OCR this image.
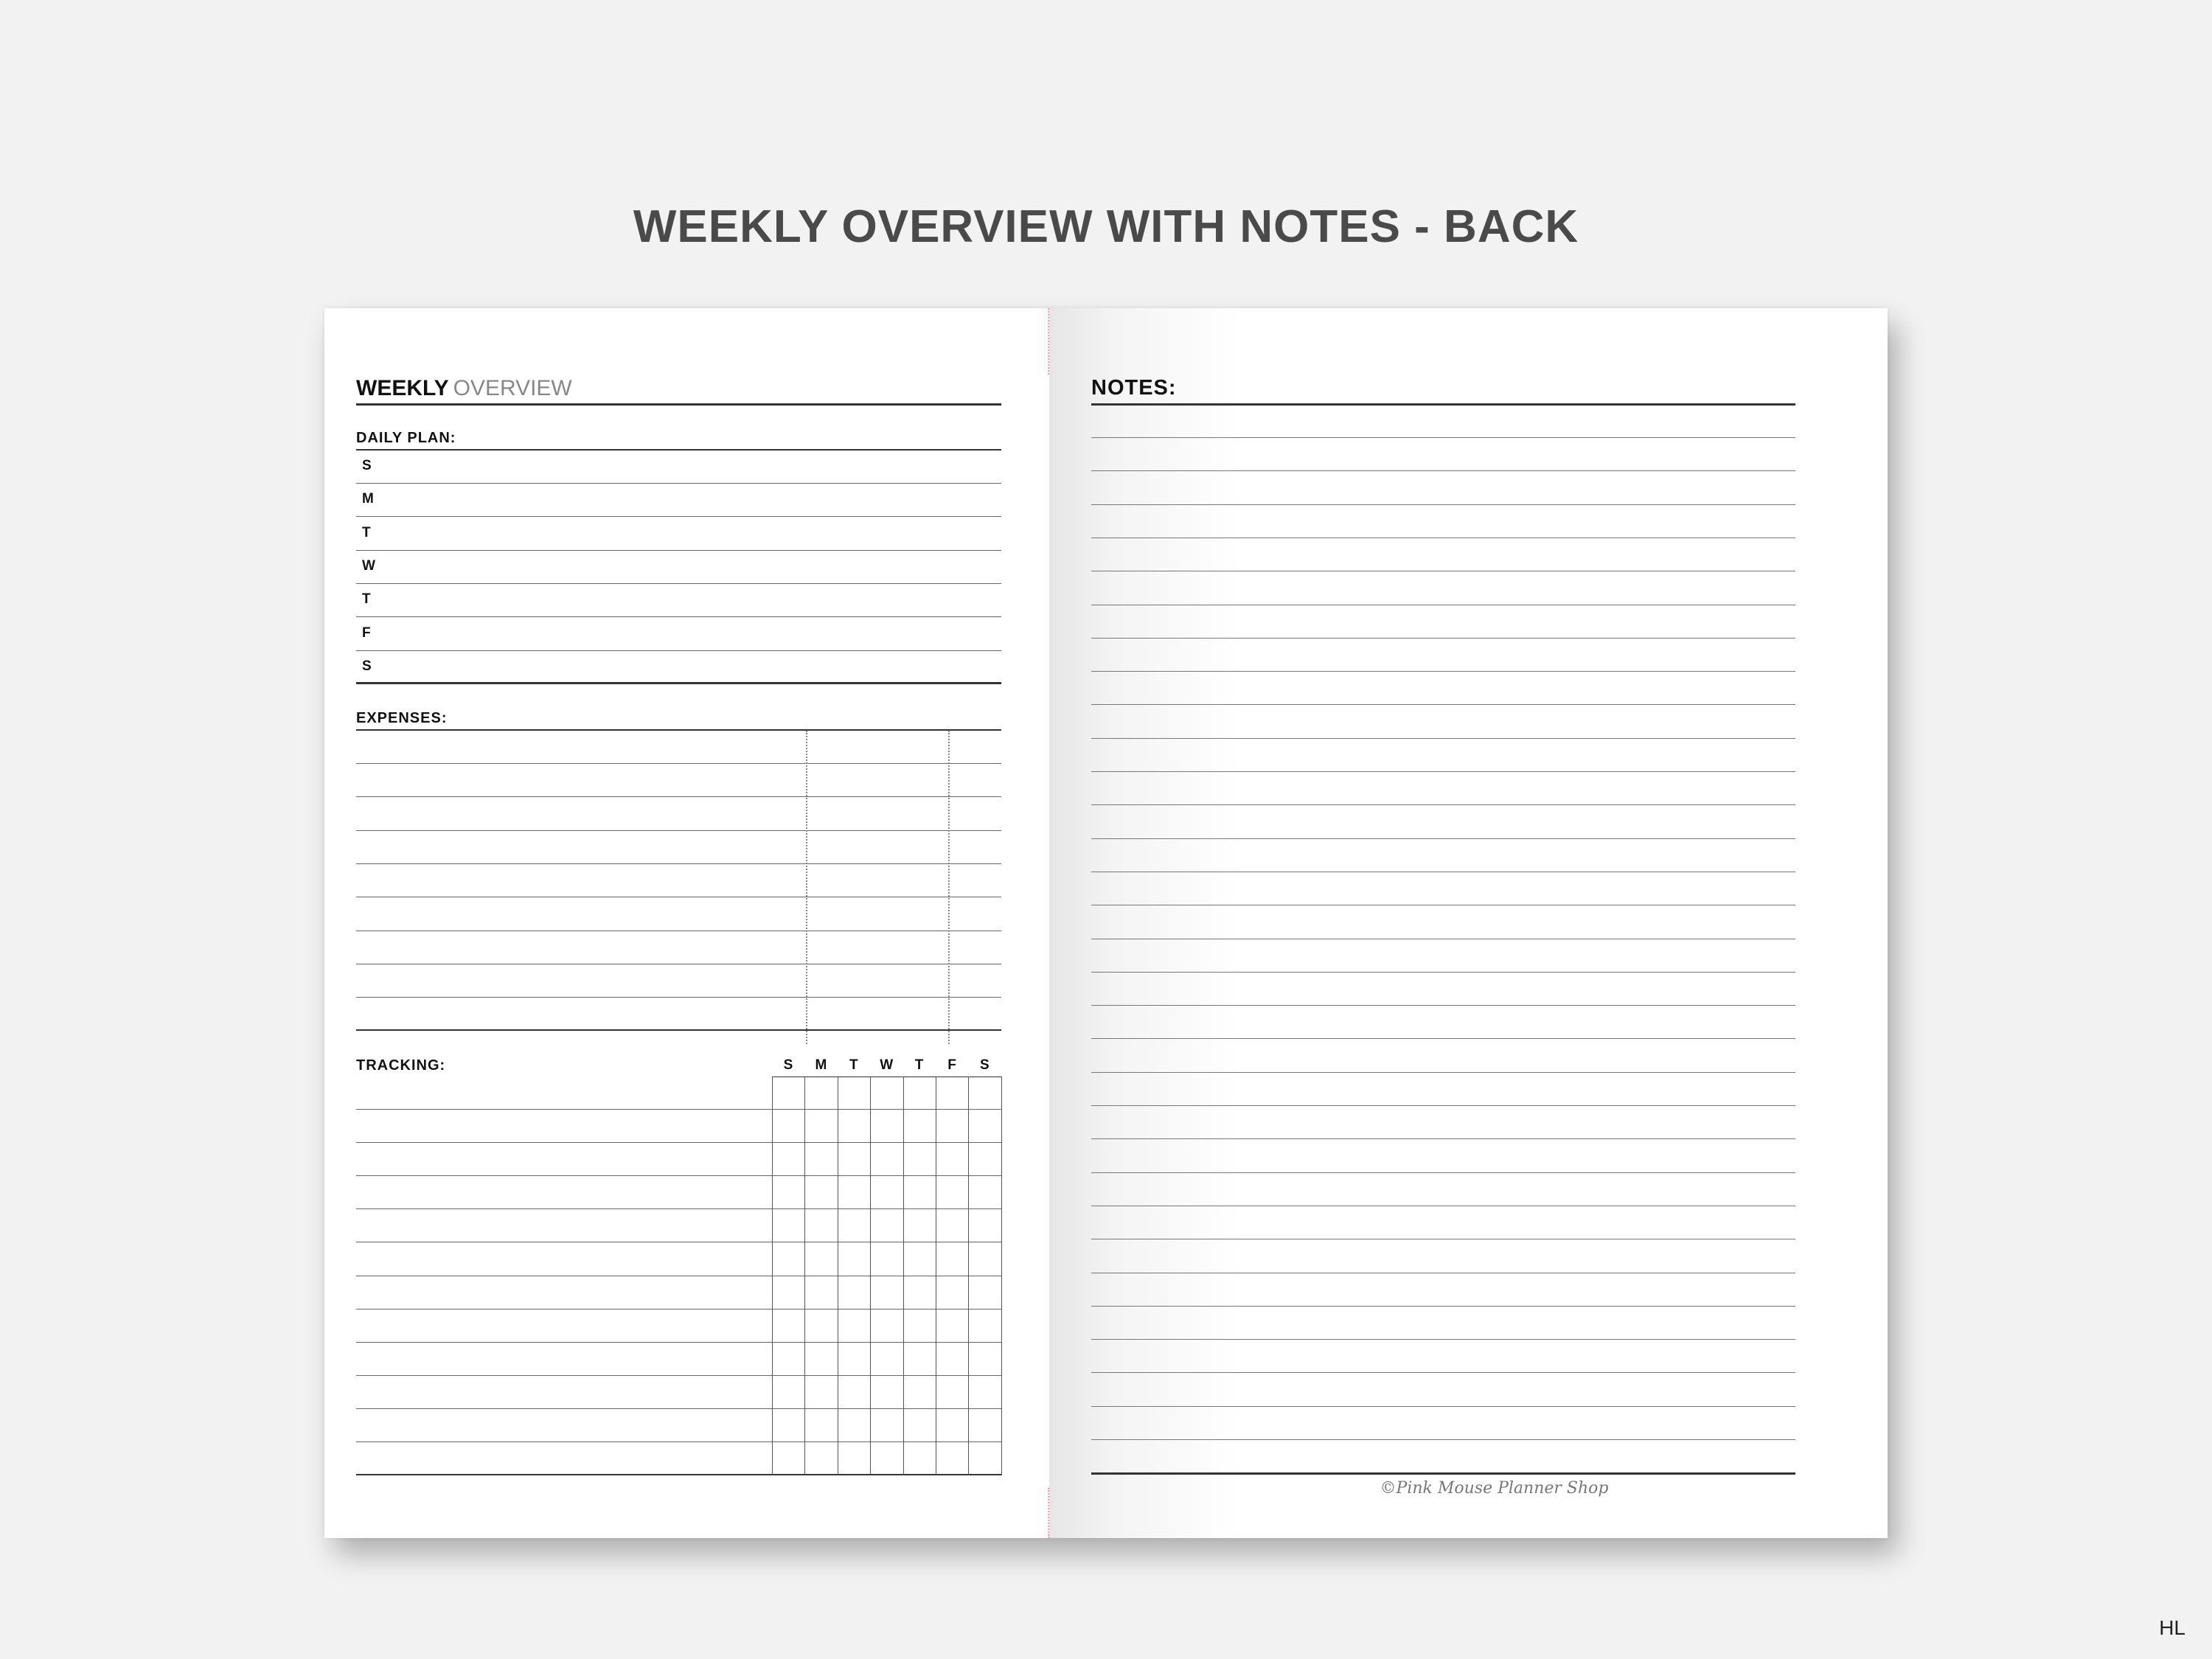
WEEKLY OVERVIEW WITH NOTES - BACK
WEEKLY OVERVIEW
DAILY PLAN:
S
M
T
W
T
F
S
EXPENSES:
TRACKING:	S	M	T	W	T	F	S
NOTES:
©Pink Mouse Planner Shop
HL
